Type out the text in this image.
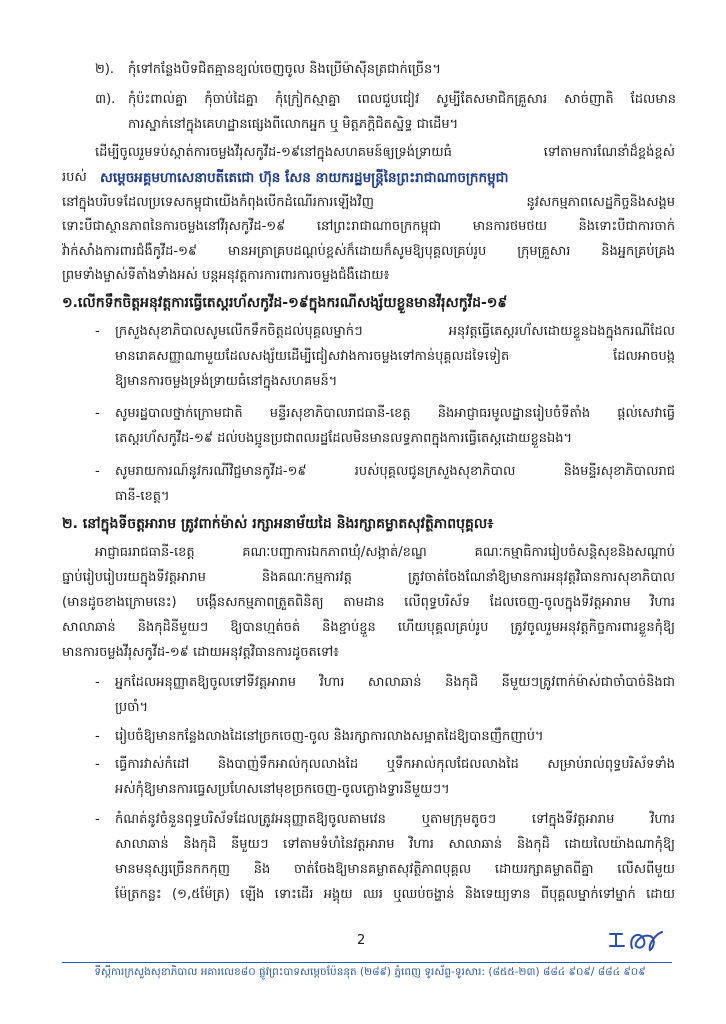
២). កុំទៅកន្លែងបិទជិតគ្មានខ្យល់ចេញចូល និងប្រើម៉ាស៊ីនត្រជាក់ច្រើន។
៣). កុំប៉ះពាល់គ្នា កុំចាប់ដៃគ្នា កុំក្រៀកស្មាគ្នា ពេលជួបជៀវ សូម្បីតែសមាជិកគ្រួសារ សាច់ញាតិ ដែលមាន
ការស្នាក់នៅក្នុងគេហដ្ឋានផ្សេងពីលោកអ្នក ឬ មិត្តភក្តិជិតស្និទ្ធ ជាដើម។
ដើម្បីចូលរួមទប់ស្កាត់ការចម្លងវីរុសកូវីដ-១៩នៅក្នុងសហគមន៍ឲ្យទ្រង់ទ្រាយធំ ទៅតាមការណែនាំដ៏ខ្ពង់ខ្ពស់
របស់ សម្តេចអគ្គមហាសេនាបតីតេជោ ហ៊ុន សែន នាយករដ្ឋមន្ត្រីនៃព្រះរាជាណាចក្រកម្ពុជា
នៅក្នុងបរិបទដែលប្រទេសកម្ពុជាយើងកំពុងបើកដំណើរការឡើងវិញ នូវសកម្មភាពសេដ្ឋកិច្ចនិងសង្គម
ទោះបីជាស្ថានភាពនៃការចម្លងនៅវីរុសកូវីដ-១៩ នៅព្រះរាជាណាចក្រកម្ពុជា មានការថមថយ និងទោះបីជាការចាក់
វ៉ាក់សាំងការពារជំងឺកូវីដ-១៩ មានអត្រាគ្របដណ្តប់ខ្ពស់ក៏ដោយក៏សូមឱ្យបុគ្គលគ្រប់រូប ក្រុមគ្រួសារ និងអ្នកគ្រប់គ្រង
ព្រមទាំងម្ចាស់ទីតាំងទាំងអស់ បន្តអនុវត្តការការពារការចម្លងជំងឺដោយ៖
១.លើកទឹកចិត្តអនុវត្តការធ្វើតេស្តរហ័សកូវីដ-១៩ក្នុងករណីសង្ស័យខ្លួនមានវីរុសកូវីដ-១៩
- ក្រសួងសុខាភិបាលសូមលើកទឹកចិត្តដល់បុគ្គលម្នាក់ៗ អនុវត្តធ្វើតេស្តរហ័សដោយខ្លួនឯងក្នុងករណីដែល
មានរោគសញ្ញាណាមួយដែលសង្ស័យដើម្បីជៀសវាងការចម្លងទៅកាន់បុគ្គលដទៃទៀត ដែលអាចបង្ក
ឱ្យមានការចម្លងទ្រង់ទ្រាយធំនៅក្នុងសហគមន៍។
- សូមរដ្ឋបាលថ្នាក់ក្រោមជាតិ មន្ទីរសុខាភិបាលរាជធានី-ខេត្ត និងអាជ្ញាធរមូលដ្ឋានរៀបចំទីតាំង ផ្តល់សេវាធ្វើ
តេស្តរហ័សកូវីដ-១៩ ដល់បងប្អូនប្រជាពលរដ្ឋដែលមិនមានលទ្ធភាពក្នុងការធ្វើតេស្តដោយខ្លួនឯង។
- សូមរាយការណ៍នូវករណីវិជ្ជមានកូវីដ-១៩ របស់បុគ្គលជូនក្រសួងសុខាភិបាល និងមន្ទីរសុខាភិបាលរាជ
ធានី-ខេត្ត។
២. នៅក្នុងទីចត្តអារាម ត្រូវពាក់ម៉ាស់ រក្សាអនាម័យដៃ និងរក្សាគម្លាតសុវត្ថិភាពបុគ្គល៖
អាជ្ញាធររាជធានី-ខេត្ត គណៈបញ្ជាការឯកភាពឃុំ/សង្កាត់/ខណ្ឌ គណៈកម្មាធិការរៀបចំសន្តិសុខនិងសណ្តាប់
ធ្នាប់រៀបរៀបរយក្នុងទីវត្តអារាម និងគណៈកម្មការវត្ត ត្រូវចាត់ចែងណែនាំឱ្យមានការអនុវត្តវិធានការសុខាភិបាល
(មានដូចខាងក្រោមនេះ) បង្កើនសកម្មភាពត្រួតពិនិត្យ តាមដាន លើពុទ្ធបរិស័ទ ដែលចេញ-ចូលក្នុងទីវត្តអារាម វិហារ
សាលាឆាន់ និងកុដិនីមួយៗ ឱ្យបានហ្មត់ចត់ និងខ្ជាប់ខ្ជួន ហើយបុគ្គលគ្រប់រូប ត្រូវចូលរួមអនុវត្តកិច្ចការពារខ្លួនកុំឱ្យ
មានការចម្លងវីរុសកូវីដ-១៩ ដោយអនុវត្តវិធានការដូចតទៅ៖
- អ្នកដែលអនុញ្ញាតឱ្យចូលទៅទីវត្តអារាម វិហារ សាលាឆាន់ និងកុដិ នីមួយៗត្រូវពាក់ម៉ាស់ជាចាំបាច់និងជា
ប្រចាំ។
- រៀបចំឱ្យមានកន្លែងលាងដៃនៅច្រកចេញ-ចូល និងរក្សាការលាងសម្អាតដៃឱ្យបានញឹកញាប់។
- ធ្វើការវាស់កំដៅ និងបាញ់ទឹកអាល់កុលលាងដៃ ឬទឹកអាល់កុលជែលលាងដៃ សម្រាប់រាល់ពុទ្ធបរិស័ទទាំង
អស់កុំឱ្យមានការធ្វេសប្រហែសនៅមុខច្រកចេញ-ចូលក្លោងទ្វារនីមួយៗ។
- កំណត់នូវចំនួនពុទ្ធបរិស័ទដែលត្រូវអនុញ្ញាតឱ្យចូលតាមវេន ឬតាមក្រុមតូចៗ ទៅក្នុងទីវត្តអារាម វិហារ
សាលាឆាន់ និងកុដិ នីមួយៗ ទៅតាមទំហំនៃវត្តអារាម វិហារ សាលាឆាន់ និងកុដិ ដោយលៃយ៉ាងណាកុំឱ្យ
មានមនុស្សច្រើនកកកុញ និង ចាត់ចែងឱ្យមានគម្លាតសុវត្ថិភាពបុគ្គល ដោយរក្សាគម្លាតពីគ្នា លើសពីមួយ
ម៉ែត្រកន្លះ (១,៥ម៉ែត្រ) ឡើង ទោះដើរ អង្គុយ ឈរ ឬឈប់ចង្ហាន់ និងទេយ្យទាន ពីបុគ្គលម្នាក់ទៅម្នាក់ ដោយ
2
ទីស្តីការក្រសួងសុខាភិបាល អគារលេខ៨០ ផ្លូវព្រះបាទសម្តេចប៉ែននុត (២៨៩) ភ្នំពេញ ទូរស័ព្ទ-ទូរសារ: (៨៥៥-២៣) ៨៨៤ ៩០៩/ ៨៨៤ ៩០៩
